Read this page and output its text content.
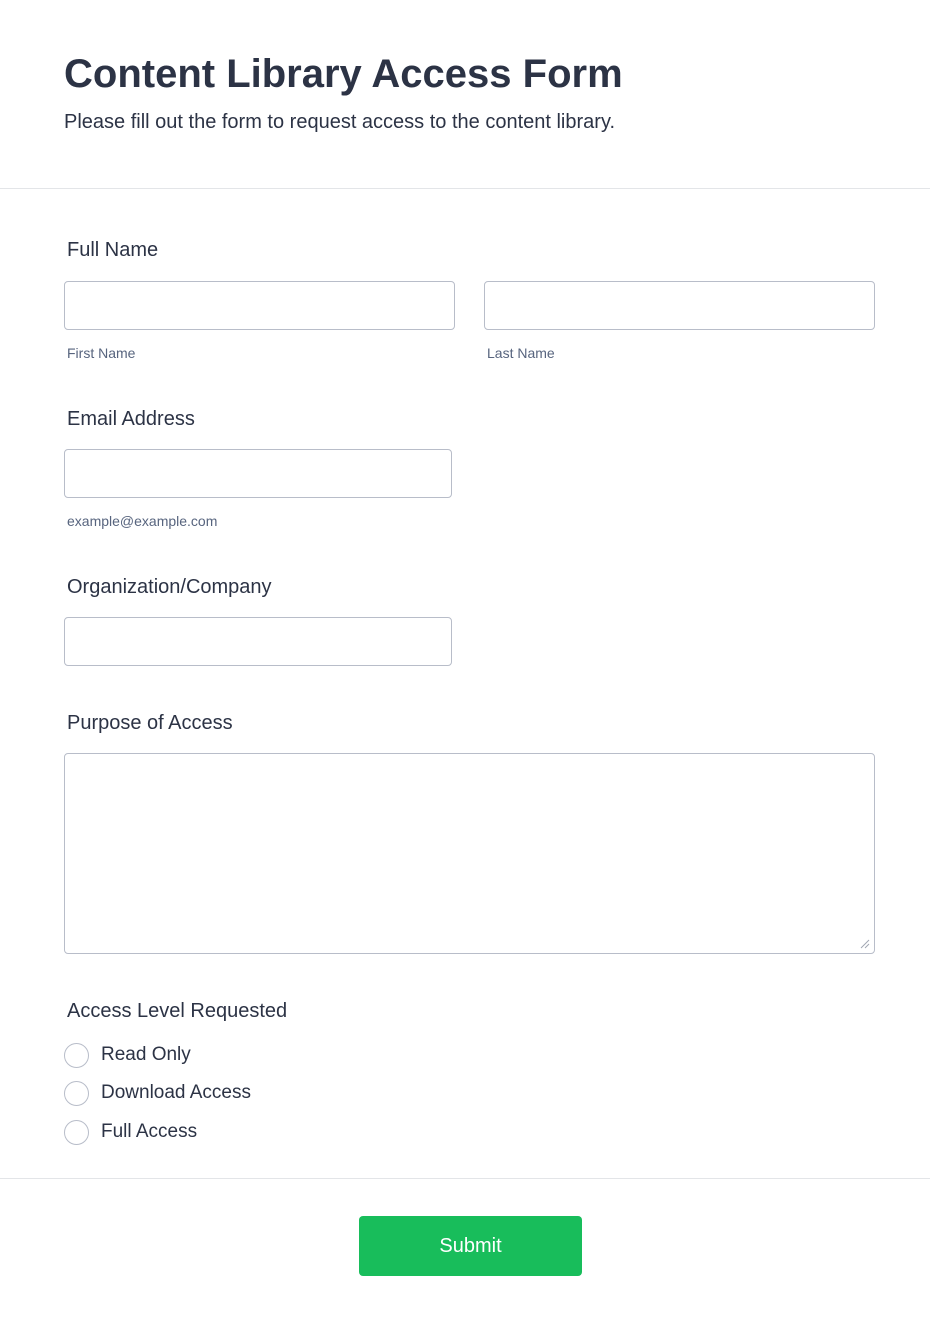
Content Library Access Form

Please fill out the form to request access to the content library.

Full Name
First Name	Last Name
Email Address
example@example.com
Organization/Company
Purpose of Access
Access Level Requested
Read Only
Download Access
Full Access
Submit
